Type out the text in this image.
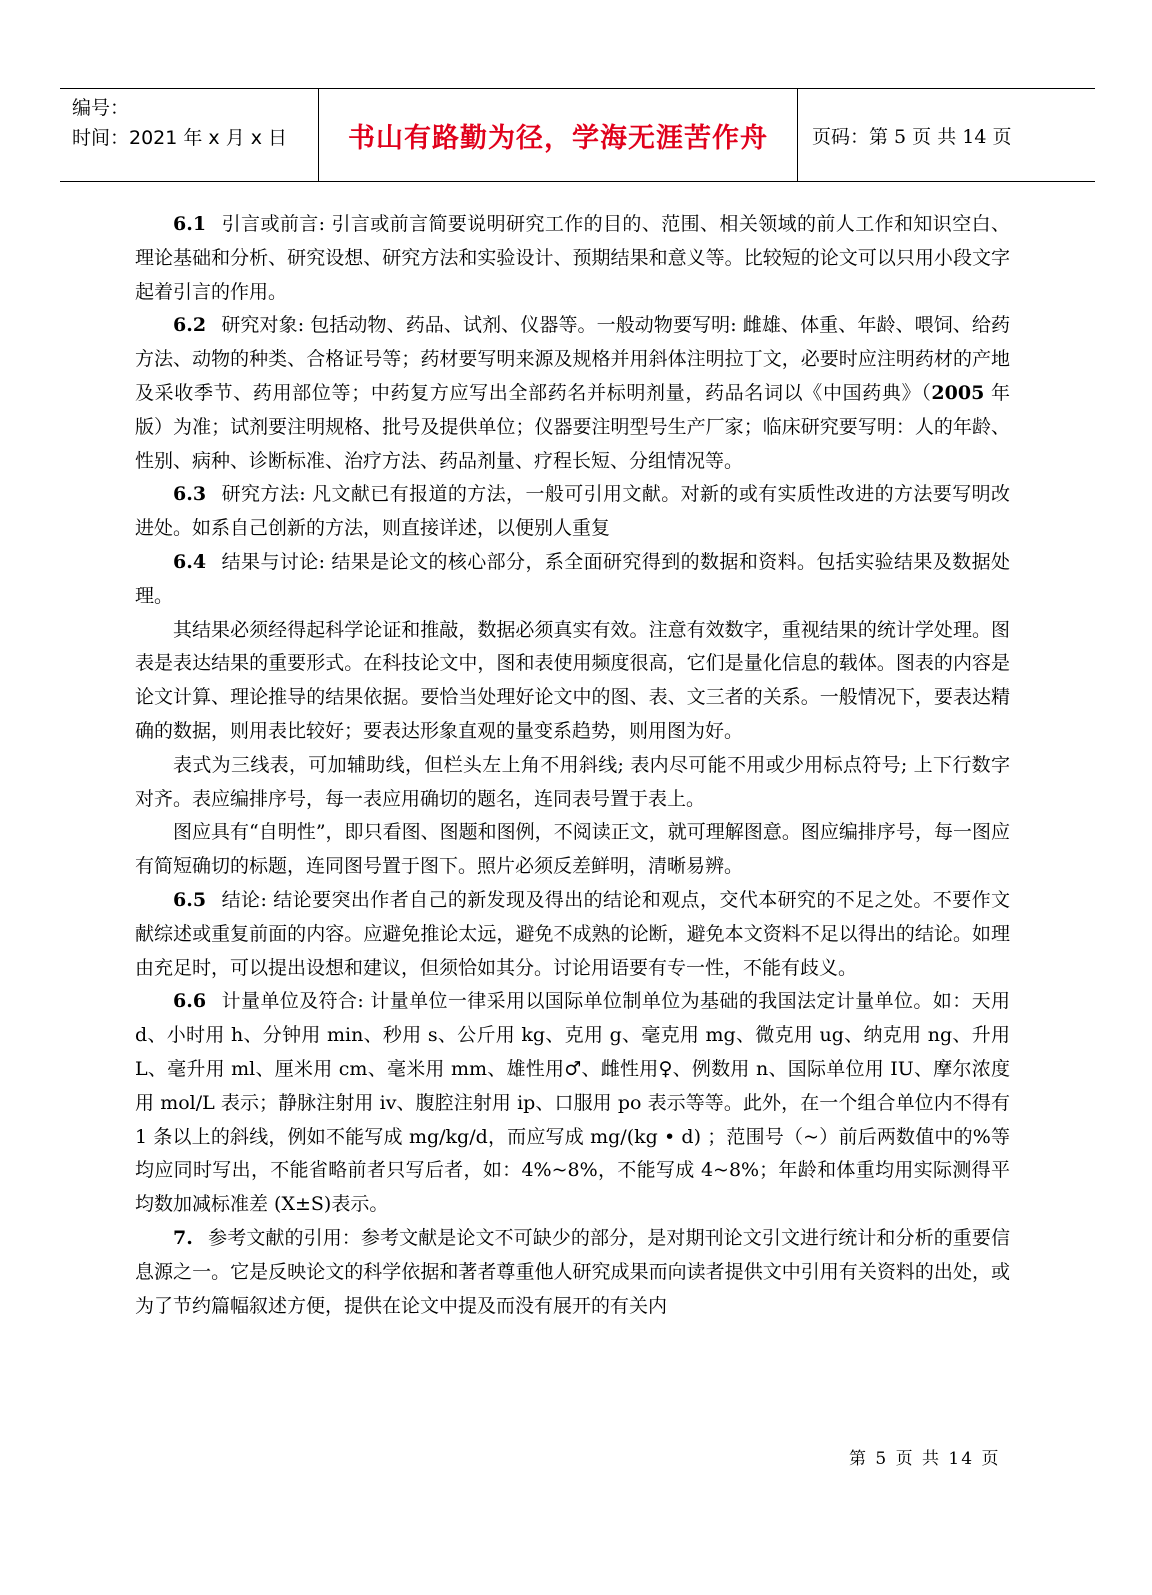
编号：
时间：2021 年 x 月 x 日	书山有路勤为径，学海无涯苦作舟	页码：第 5 页 共 14 页

6.1 引言或前言: 引言或前言简要说明研究工作的目的、范围、相关领域的前人工作和知识空白、理论基础和分析、研究设想、研究方法和实验设计、预期结果和意义等。比较短的论文可以只用小段文字起着引言的作用。

6.2 研究对象: 包括动物、药品、试剂、仪器等。一般动物要写明: 雌雄、体重、年龄、喂饲、给药方法、动物的种类、合格证号等；药材要写明来源及规格并用斜体注明拉丁文，必要时应注明药材的产地及采收季节、药用部位等；中药复方应写出全部药名并标明剂量，药品名词以《中国药典》（2005 年版）为准；试剂要注明规格、批号及提供单位；仪器要注明型号生产厂家；临床研究要写明：人的年龄、性别、病种、诊断标准、治疗方法、药品剂量、疗程长短、分组情况等。

6.3 研究方法: 凡文献已有报道的方法，一般可引用文献。对新的或有实质性改进的方法要写明改进处。如系自己创新的方法，则直接详述，以便别人重复

6.4 结果与讨论: 结果是论文的核心部分，系全面研究得到的数据和资料。包括实验结果及数据处理。

其结果必须经得起科学论证和推敲，数据必须真实有效。注意有效数字，重视结果的统计学处理。图表是表达结果的重要形式。在科技论文中，图和表使用频度很高，它们是量化信息的载体。图表的内容是论文计算、理论推导的结果依据。要恰当处理好论文中的图、表、文三者的关系。一般情况下，要表达精确的数据，则用表比较好；要表达形象直观的量变系趋势，则用图为好。

表式为三线表，可加辅助线，但栏头左上角不用斜线; 表内尽可能不用或少用标点符号; 上下行数字对齐。表应编排序号，每一表应用确切的题名，连同表号置于表上。

图应具有“自明性”，即只看图、图题和图例，不阅读正文，就可理解图意。图应编排序号，每一图应有简短确切的标题，连同图号置于图下。照片必须反差鲜明，清晰易辨。

6.5 结论: 结论要突出作者自己的新发现及得出的结论和观点，交代本研究的不足之处。不要作文献综述或重复前面的内容。应避免推论太远，避免不成熟的论断，避免本文资料不足以得出的结论。如理由充足时，可以提出设想和建议，但须恰如其分。讨论用语要有专一性，不能有歧义。

6.6 计量单位及符合: 计量单位一律采用以国际单位制单位为基础的我国法定计量单位。如：天用 d、小时用 h、分钟用 min、秒用 s、公斤用 kg、克用 g、毫克用 mg、微克用 ug、纳克用 ng、升用 L、毫升用 ml、厘米用 cm、毫米用 mm、雄性用♂、雌性用♀、例数用 n、国际单位用 IU、摩尔浓度用 mol/L 表示；静脉注射用 iv、腹腔注射用 ip、口服用 po 表示等等。此外，在一个组合单位内不得有 1 条以上的斜线，例如不能写成 mg/kg/d，而应写成 mg/(kg • d) ；范围号（~）前后两数值中的%等均应同时写出，不能省略前者只写后者，如：4%~8%，不能写成 4~8%；年龄和体重均用实际测得平均数加减标准差 (X±S)表示。

7. 参考文献的引用：参考文献是论文不可缺少的部分，是对期刊论文引文进行统计和分析的重要信息源之一。它是反映论文的科学依据和著者尊重他人研究成果而向读者提供文中引用有关资料的出处，或为了节约篇幅叙述方便，提供在论文中提及而没有展开的有关内

第 5 页 共 14 页
